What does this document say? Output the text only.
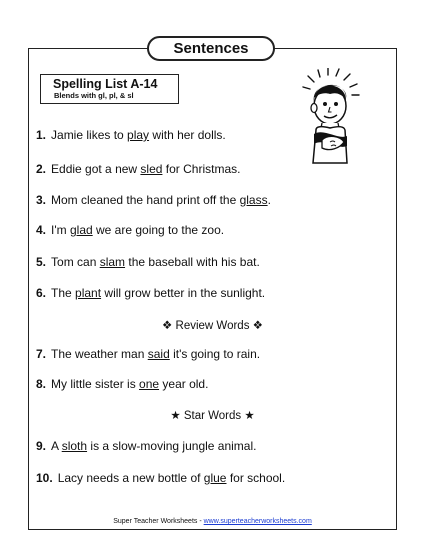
Sentences
Spelling List A-14
Blends with gl, pl, & sl
1. Jamie likes to play with her dolls.
2. Eddie got a new sled for Christmas.
3. Mom cleaned the hand print off the glass.
4. I'm glad we are going to the zoo.
5. Tom can slam the baseball with his bat.
6. The plant will grow better in the sunlight.
❖ Review Words ❖
7. The weather man said it's going to rain.
8. My little sister is one year old.
★ Star Words ★
9. A sloth is a slow-moving jungle animal.
10. Lacy needs a new bottle of glue for school.
Super Teacher Worksheets - www.superteacherworksheets.com
